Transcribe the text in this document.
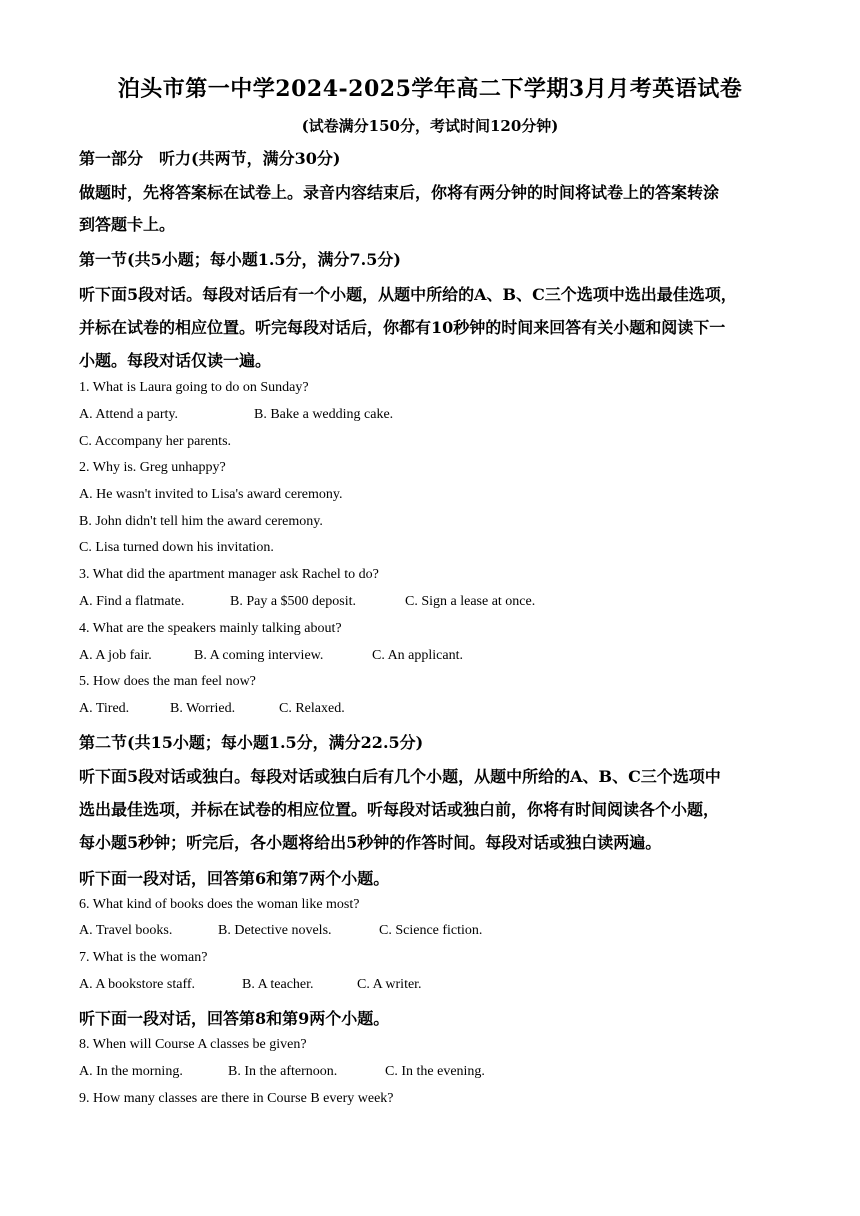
泊头市第一中学2024-2025学年高二下学期3月月考英语试卷
(试卷满分150分，考试时间120分钟)
第一部分　听力(共两节，满分30分)
做题时，先将答案标在试卷上。录音内容结束后，你将有两分钟的时间将试卷上的答案转涂
到答题卡上。
第一节(共5小题；每小题1.5分，满分7.5分)
听下面5段对话。每段对话后有一个小题，从题中所给的A、B、C三个选项中选出最佳选项，
并标在试卷的相应位置。听完每段对话后，你都有10秒钟的时间来回答有关小题和阅读下一
小题。每段对话仅读一遍。
1. What is Laura going to do on Sunday?
A. Attend a party.	B. Bake a wedding cake.
C. Accompany her parents.
2. Why is. Greg unhappy?
A. He wasn't invited to Lisa's award ceremony.
B. John didn't tell him the award ceremony.
C. Lisa turned down his invitation.
3. What did the apartment manager ask Rachel to do?
A. Find a flatmate.	B. Pay a $500 deposit.	C. Sign a lease at once.
4. What are the speakers mainly talking about?
A. A job fair.	B. A coming interview.	C. An applicant.
5. How does the man feel now?
A. Tired.	B. Worried.	C. Relaxed.
第二节(共15小题；每小题1.5分，满分22.5分)
听下面5段对话或独白。每段对话或独白后有几个小题，从题中所给的A、B、C三个选项中
选出最佳选项，并标在试卷的相应位置。听每段对话或独白前，你将有时间阅读各个小题，
每小题5秒钟；听完后，各小题将给出5秒钟的作答时间。每段对话或独白读两遍。
听下面一段对话，回答第6和第7两个小题。
6. What kind of books does the woman like most?
A. Travel books.	B. Detective novels.	C. Science fiction.
7. What is the woman?
A. A bookstore staff.	B. A teacher.	C. A writer.
听下面一段对话，回答第8和第9两个小题。
8. When will Course A classes be given?
A. In the morning.	B. In the afternoon.	C. In the evening.
9. How many classes are there in Course B every week?
